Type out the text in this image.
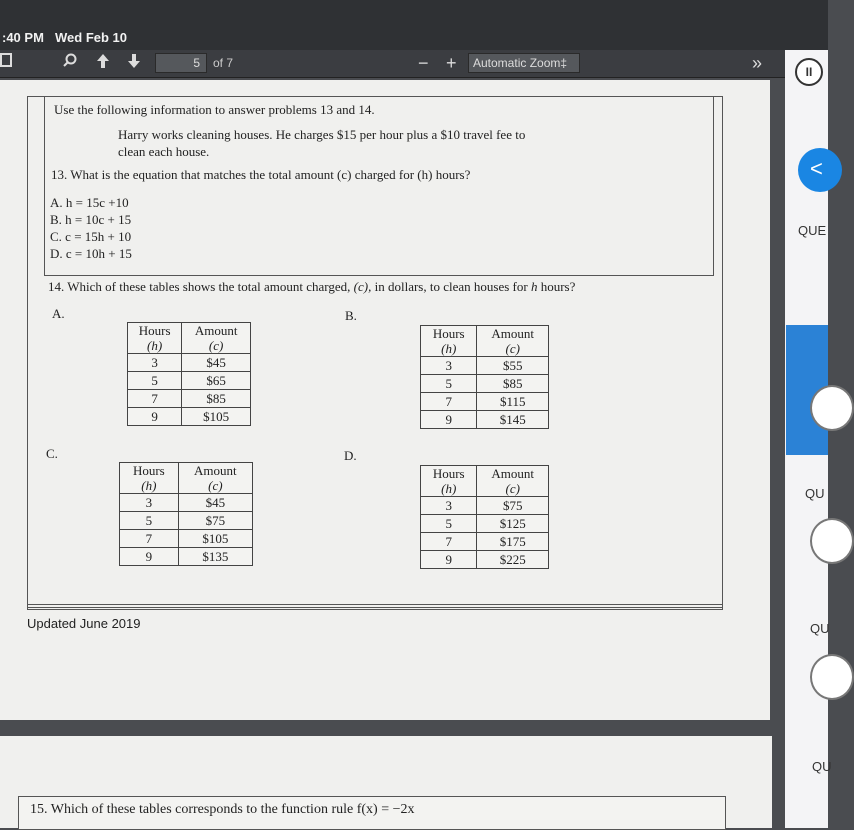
:40 PM Wed Feb 10
− +	»
5	of 7	Automatic Zoom‡
QUE
QU
QU
QU
II
<
Use the following information to answer problems 13 and 14.
Harry works cleaning houses. He charges $15 per hour plus a $10 travel fee to
clean each house.
13. What is the equation that matches the total amount (c) charged for (h) hours?
A. h = 15c +10
B. h = 10c + 15
C. c = 15h + 10
D. c = 10h + 15
14. Which of these tables shows the total amount charged, (c), in dollars, to clean houses for h hours?
A.	B.
C.	D.
Hours
(h)	Amount
(c)
3	$45
5	$65
7	$85
9	$105
Hours
(h)	Amount
(c)
3	$55
5	$85
7	$115
9	$145
Hours
(h)	Amount
(c)
3	$45
5	$75
7	$105
9	$135
Hours
(h)	Amount
(c)
3	$75
5	$125
7	$175
9	$225
Updated June 2019
15. Which of these tables corresponds to the function rule f(x) = −2x
